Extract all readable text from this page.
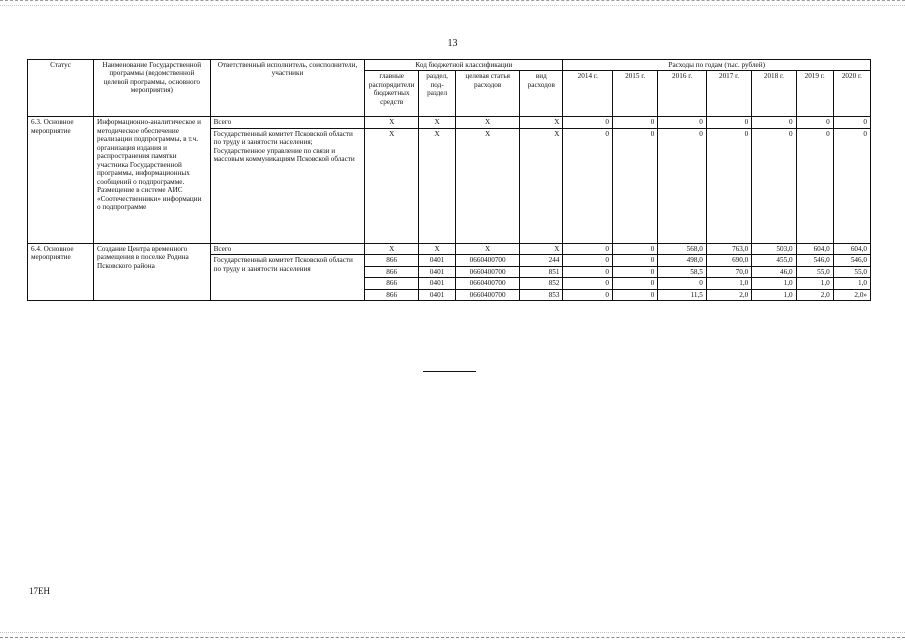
13
Статус	Наименование Государственной программы (ведомственной целевой программы, основного мероприятия)	Ответственный исполнитель, соисполнители, участники	Код бюджетной классификации				Расходы по годам (тыс. рублей)						
			главные распорядители бюджетных средств	раздел, под-раздел	целевая статья расходов	вид расходов	2014 г.	2015 г.	2016 г.	2017 г.	2018 г.	2019 г.	2020 г.
6.3. Основное мероприятие	Информационно-аналитическое и методическое обеспечение реализации подпрограммы, в т.ч. организация издания и распространения памятки участника Государственной программы, информационных сообщений о подпрограмме. Размещение в системе АИС «Соотечественники» информации о подпрограмме	Всего	X	X	X	X	0	0	0	0	0	0	0
		Государственный комитет Псковской области по труду и занятости населения; Государственное управление по связи и массовым коммуникациям Псковской области	X	X	X	X	0	0	0	0	0	0	0
6.4. Основное мероприятие	Создание Центра временного размещения в поселке Родина Псковского района	Всего	X	X	X	X	0	0	568,0	763,0	503,0	604,0	604,0
		Государственный комитет Псковской области по труду и занятости населения	866	0401	0660400700	244	0	0	498,0	690,0	455,0	546,0	546,0
			866	0401	0660400700	851	0	0	58,5	70,0	46,0	55,0	55,0
			866	0401	0660400700	852	0	0	0	1,0	1,0	1,0	1,0
			866	0401	0660400700	853	0	0	11,5	2,0	1,0	2,0	2,0»
17ЕН
